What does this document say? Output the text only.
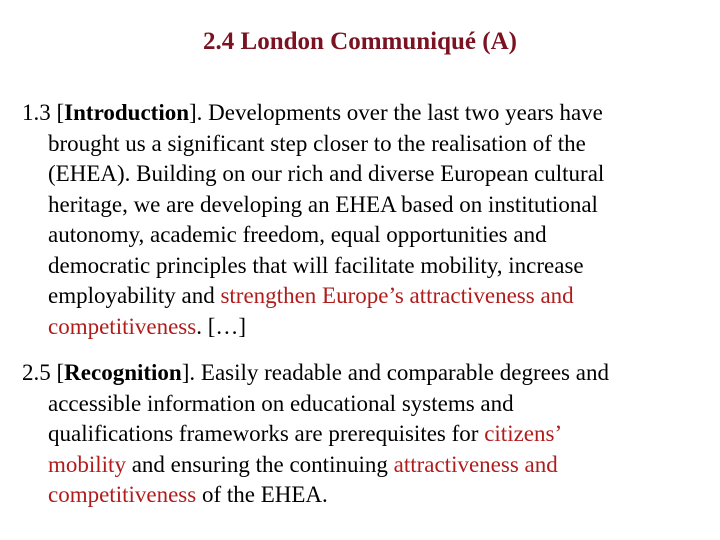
2.4 London Communiqué (A)
1.3 [Introduction]. Developments over the last two years have
brought us a significant step closer to the realisation of the
(EHEA). Building on our rich and diverse European cultural
heritage, we are developing an EHEA based on institutional
autonomy, academic freedom, equal opportunities and
democratic principles that will facilitate mobility, increase
employability and strengthen Europe’s attractiveness and
competitiveness. […]
2.5 [Recognition]. Easily readable and comparable degrees and
accessible information on educational systems and
qualifications frameworks are prerequisites for citizens’
mobility and ensuring the continuing attractiveness and
competitiveness of the EHEA.
